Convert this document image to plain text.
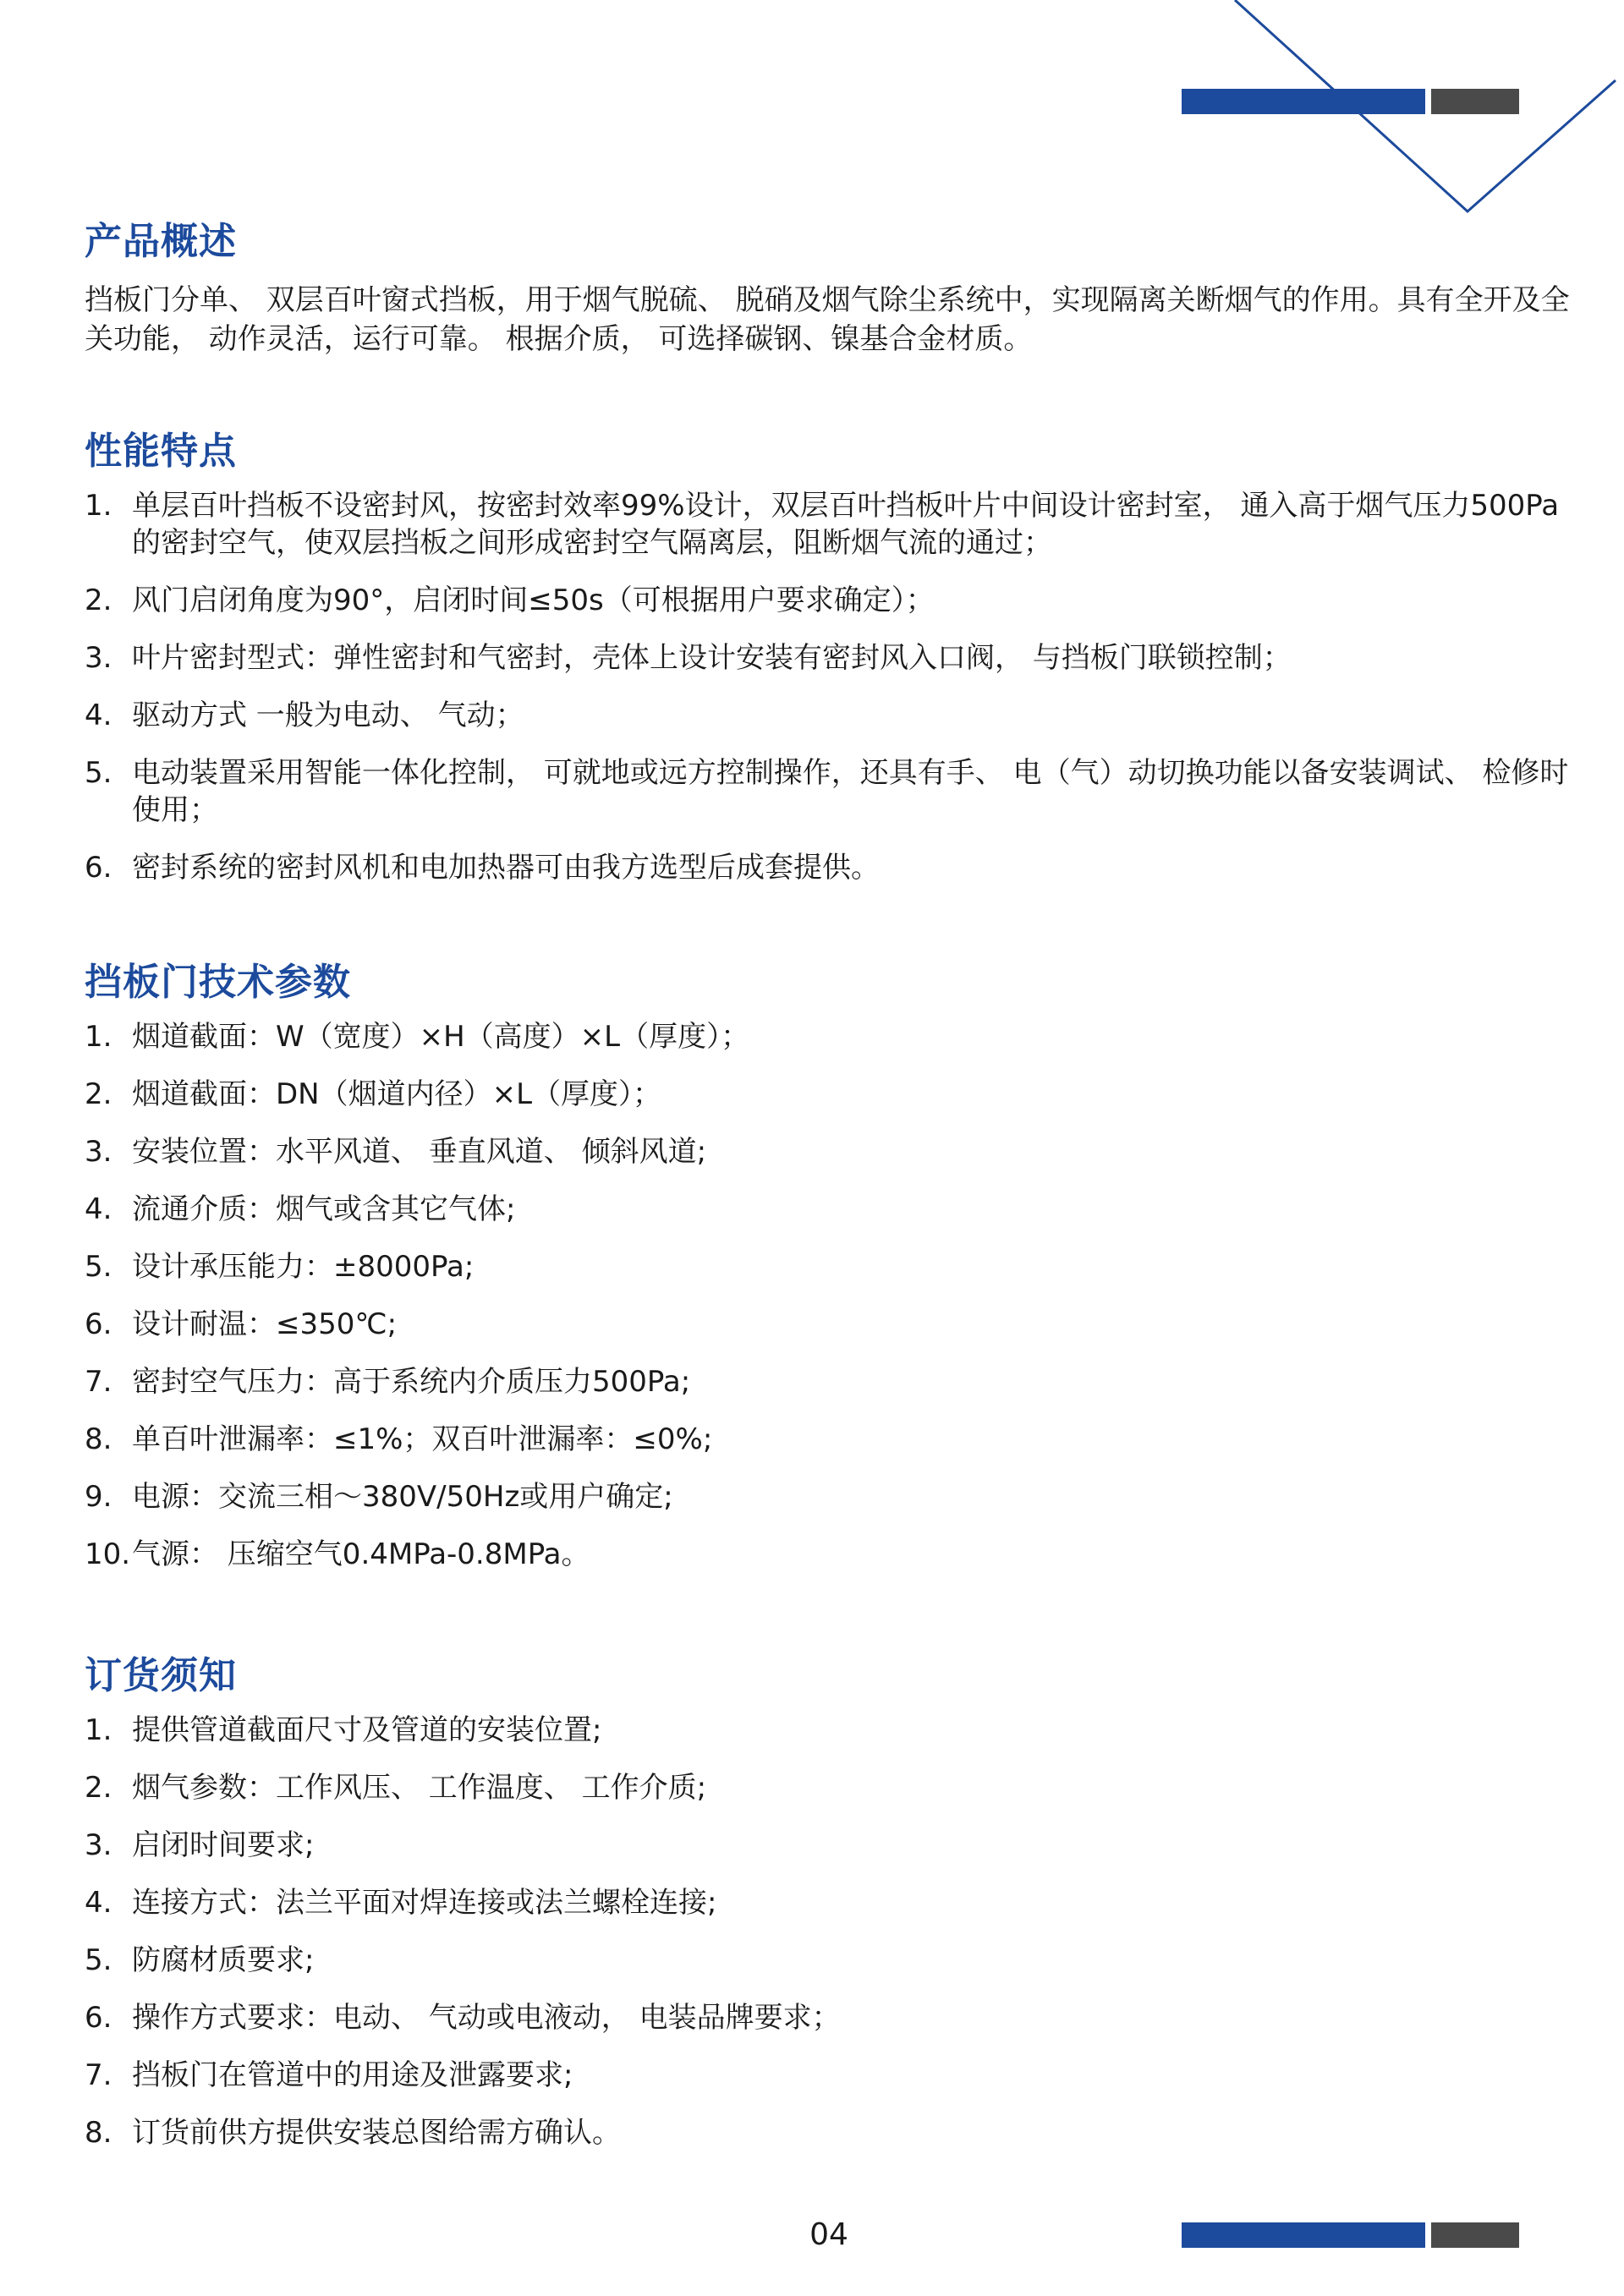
产品概述

挡板门分单、 双层百叶窗式挡板，用于烟气脱硫、 脱硝及烟气除尘系统中，实现隔离关断烟气的作用。具有全开及全关功能， 动作灵活，运行可靠。 根据介质， 可选择碳钢、镍基合金材质。

性能特点
1. 单层百叶挡板不设密封风，按密封效率99%设计，双层百叶挡板叶片中间设计密封室， 通入高于烟气压力500Pa的密封空气，使双层挡板之间形成密封空气隔离层，阻断烟气流的通过；
2. 风门启闭角度为90°，启闭时间≤50s（可根据用户要求确定）；
3. 叶片密封型式：弹性密封和气密封，壳体上设计安装有密封风入口阀， 与挡板门联锁控制；
4. 驱动方式 一般为电动、 气动；
5. 电动装置采用智能一体化控制， 可就地或远方控制操作，还具有手、 电（气）动切换功能以备安装调试、 检修时使用；
6. 密封系统的密封风机和电加热器可由我方选型后成套提供。
挡板门技术参数
1. 烟道截面：W（宽度）×H（高度）×L（厚度）；
2. 烟道截面：DN（烟道内径）×L（厚度）；
3. 安装位置：水平风道、 垂直风道、 倾斜风道;
4. 流通介质：烟气或含其它气体;
5. 设计承压能力：±8000Pa;
6. 设计耐温：≤350℃;
7. 密封空气压力：高于系统内介质压力500Pa;
8. 单百叶泄漏率：≤1%；双百叶泄漏率：≤0%;
9. 电源：交流三相～380V/50Hz或用户确定;
10. 气源： 压缩空气0.4MPa-0.8MPa。
订货须知
1. 提供管道截面尺寸及管道的安装位置;
2. 烟气参数：工作风压、 工作温度、 工作介质;
3. 启闭时间要求;
4. 连接方式：法兰平面对焊连接或法兰螺栓连接;
5. 防腐材质要求;
6. 操作方式要求：电动、 气动或电液动， 电装品牌要求；
7. 挡板门在管道中的用途及泄露要求;
8. 订货前供方提供安装总图给需方确认。
04
